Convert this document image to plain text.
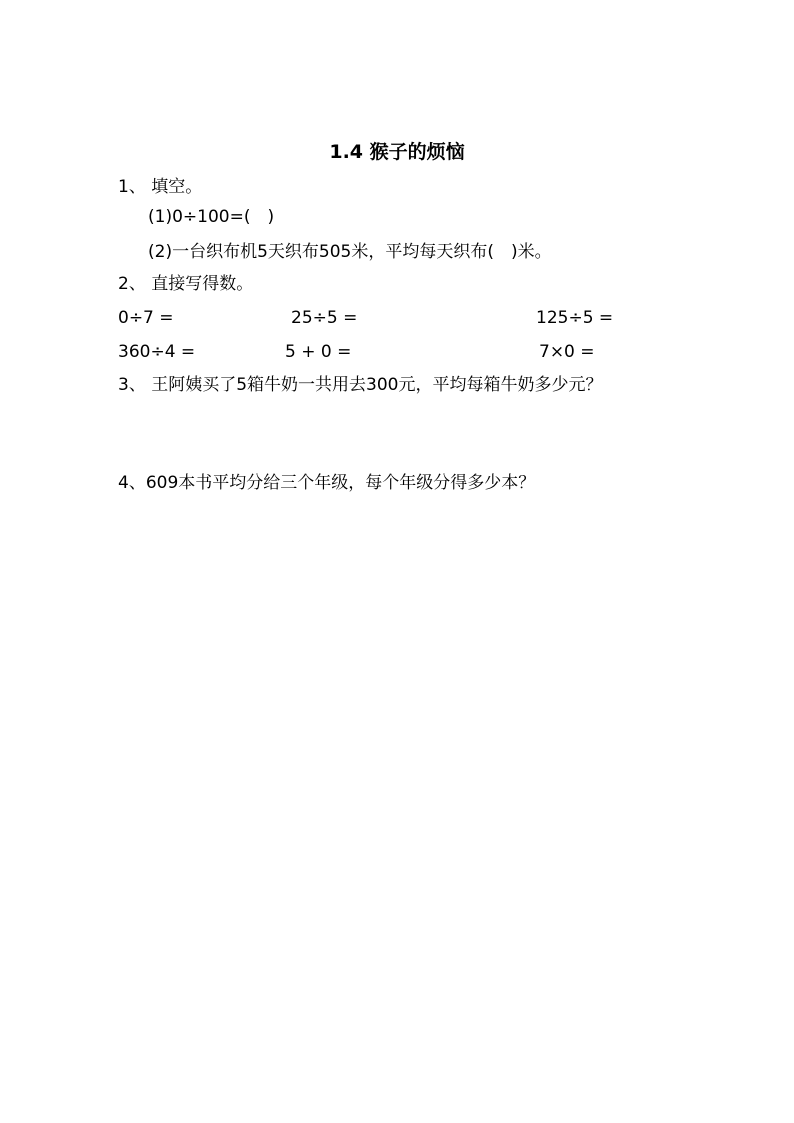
1.4 猴子的烦恼
1、 填空。
(1)0÷100=(　)
(2)一台织布机5天织布505米，平均每天织布(　)米。
2、 直接写得数。
0÷7 =	25÷5 =	125÷5 =
360÷4 =	5 + 0 =	7×0 =
3、 王阿姨买了5箱牛奶一共用去300元，平均每箱牛奶多少元？
4、609本书平均分给三个年级，每个年级分得多少本？
